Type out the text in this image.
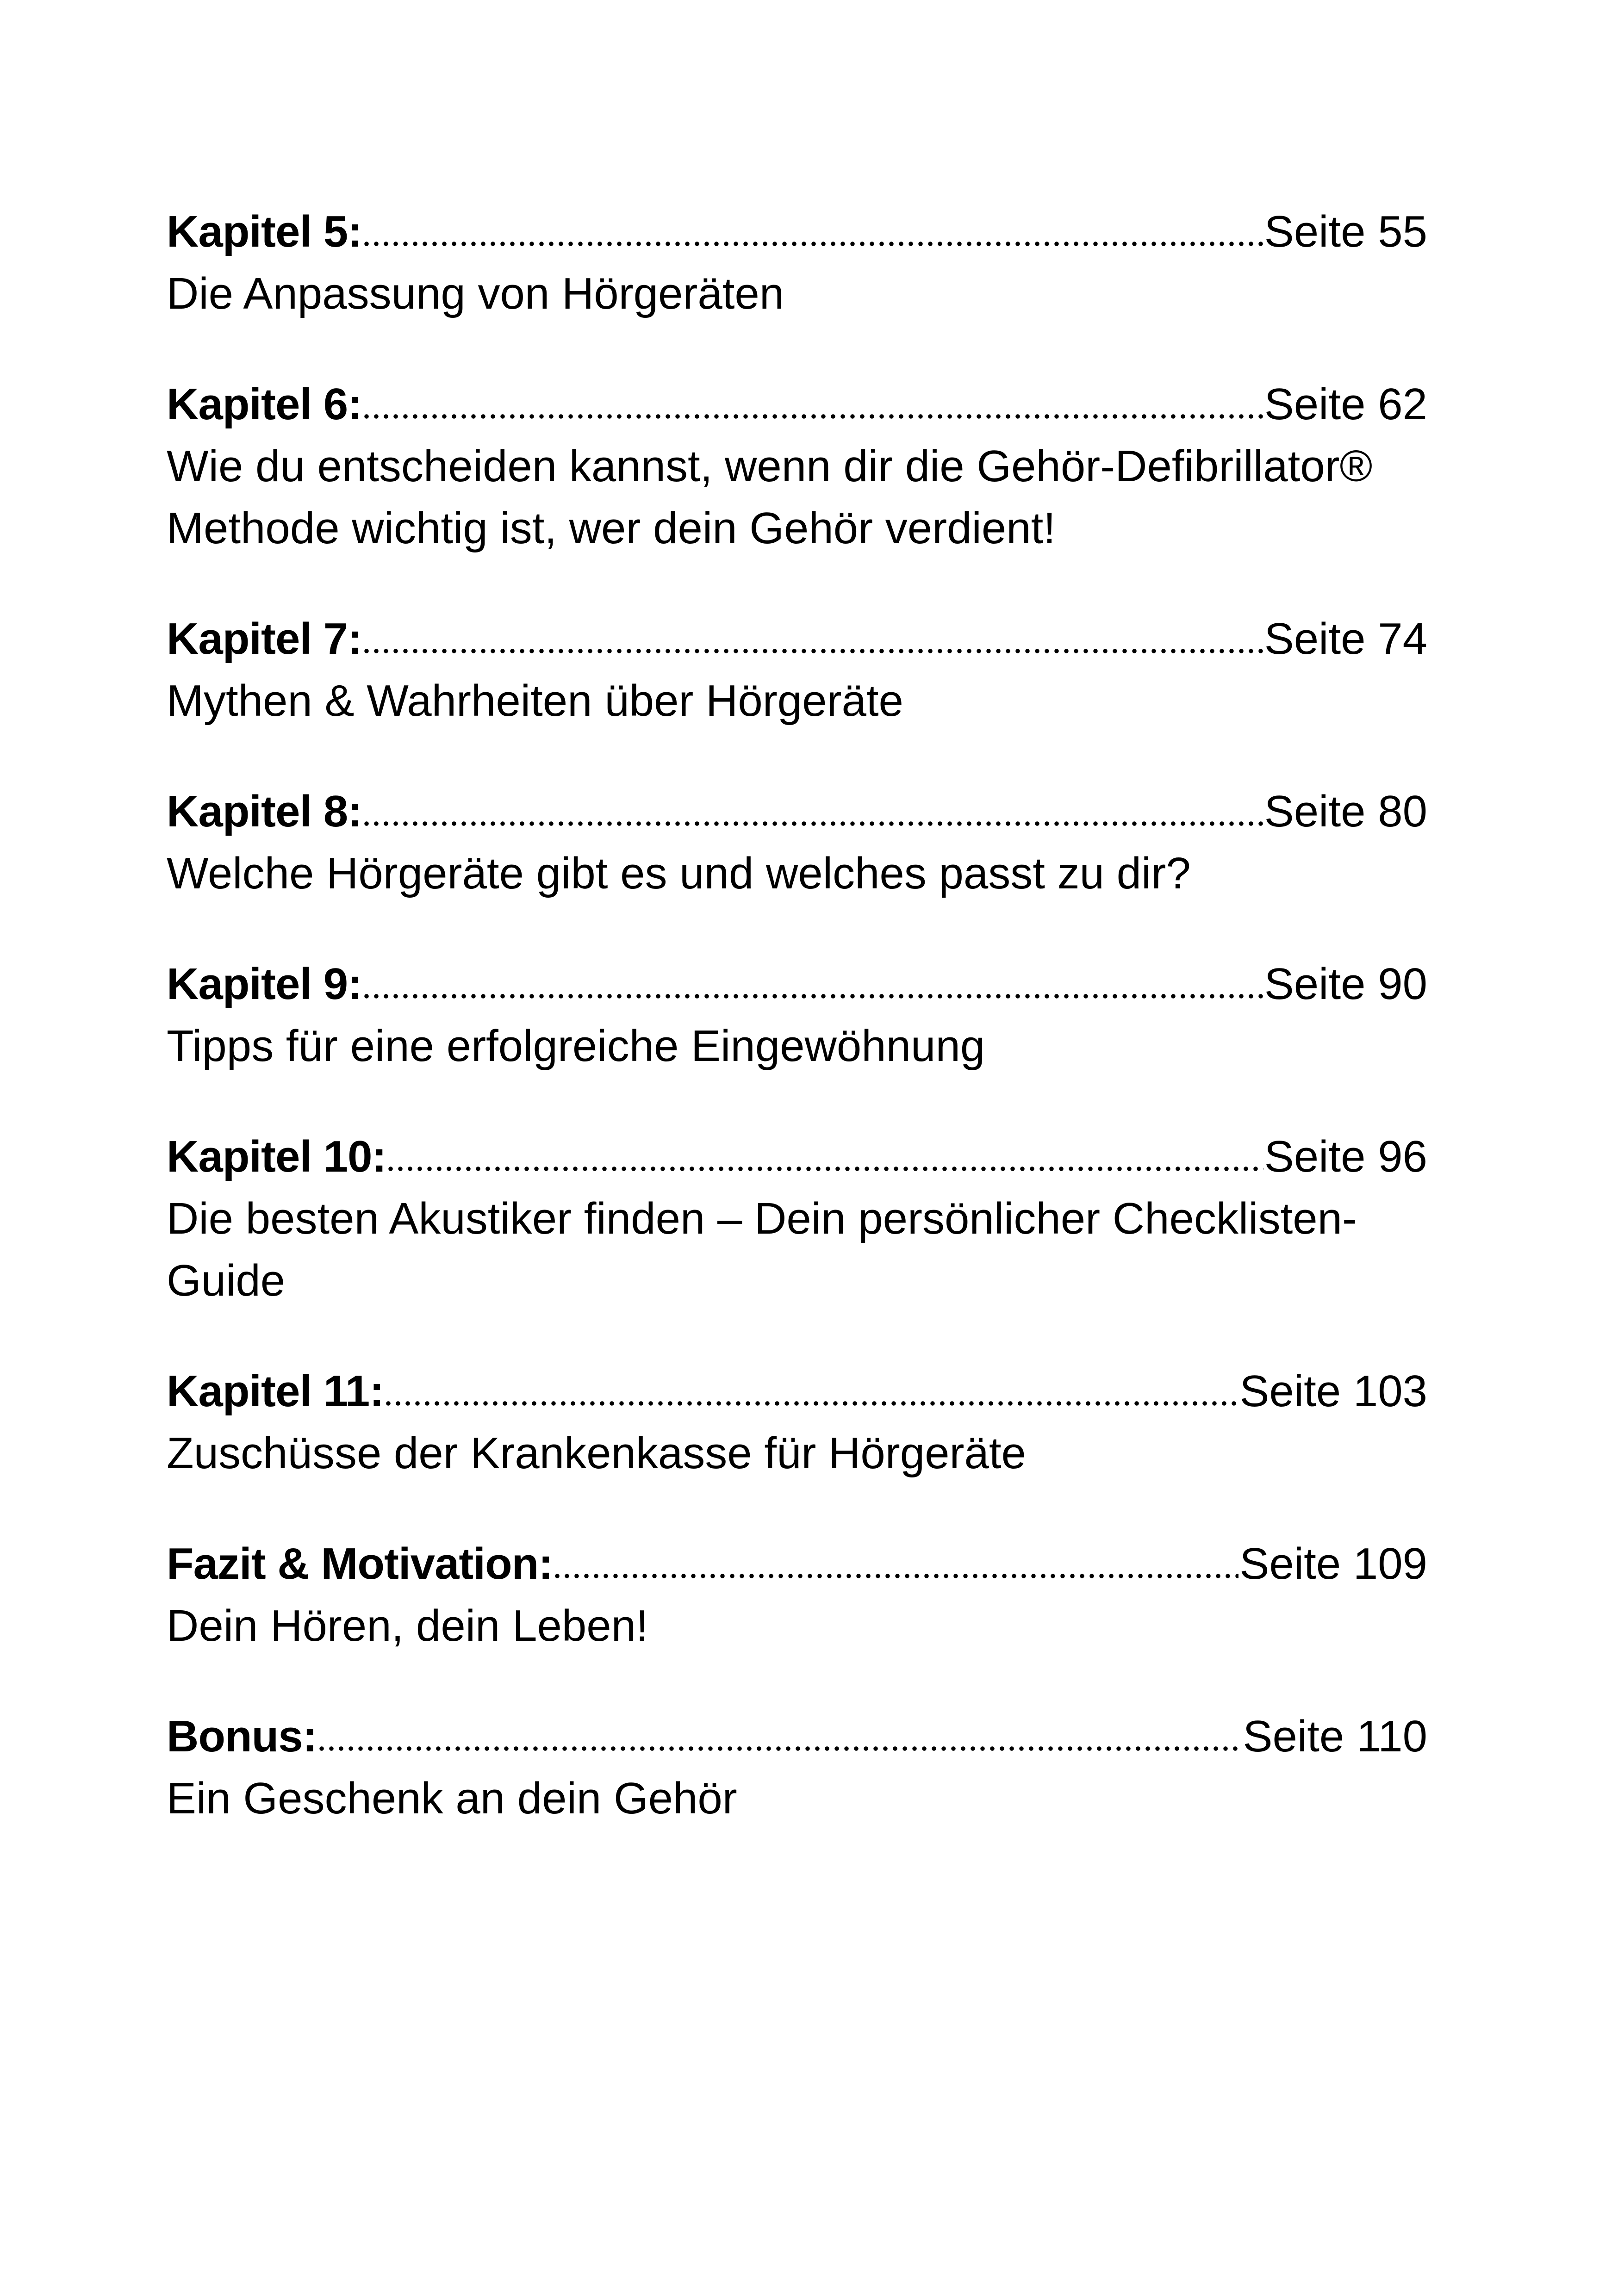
Kapitel 5:	Seite 55
Die Anpassung von Hörgeräten
Kapitel 6:	Seite 62
Wie du entscheiden kannst, wenn dir die Gehör-Defibrillator®
Methode wichtig ist, wer dein Gehör verdient!
Kapitel 7:	Seite 74
Mythen & Wahrheiten über Hörgeräte
Kapitel 8:	Seite 80
Welche Hörgeräte gibt es und welches passt zu dir?
Kapitel 9:	Seite 90
Tipps für eine erfolgreiche Eingewöhnung
Kapitel 10:	Seite 96
Die besten Akustiker finden – Dein persönlicher Checklisten-
Guide
Kapitel 11:	Seite 103
Zuschüsse der Krankenkasse für Hörgeräte
Fazit & Motivation:	Seite 109
Dein Hören, dein Leben!
Bonus:	Seite 110
Ein Geschenk an dein Gehör
